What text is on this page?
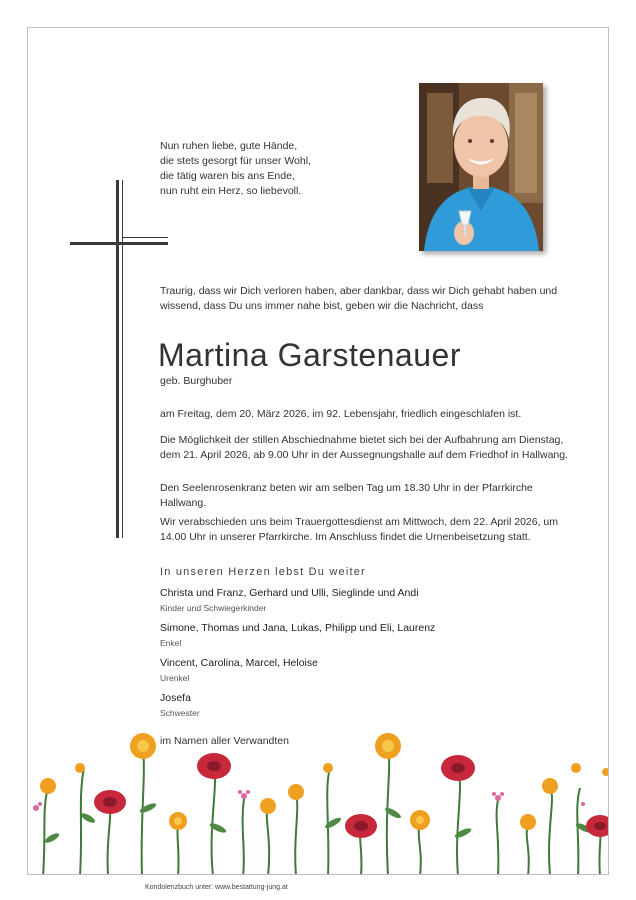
Nun ruhen liebe, gute Hände,
die stets gesorgt für unser Wohl,
die tätig waren bis ans Ende,
nun ruht ein Herz, so liebevoll.
Traurig, dass wir Dich verloren haben, aber dankbar, dass wir Dich gehabt haben und wissend, dass Du uns immer nahe bist, geben wir die Nachricht, dass
Martina Garstenauer
geb. Burghuber
am Freitag, dem 20. März 2026, im 92. Lebensjahr, friedlich eingeschlafen ist.
Die Möglichkeit der stillen Abschiednahme bietet sich bei der Aufbahrung am Dienstag, dem 21. April 2026, ab 9.00 Uhr in der Aussegnungshalle auf dem Friedhof in Hallwang.
Den Seelenrosenkranz beten wir am selben Tag um 18.30 Uhr in der Pfarrkirche Hallwang.
Wir verabschieden uns beim Trauergottesdienst am Mittwoch, dem 22. April 2026, um 14.00 Uhr in unserer Pfarrkirche. Im Anschluss findet die Urnenbeisetzung statt.
In unseren Herzen lebst Du weiter
Christa und Franz, Gerhard und Ulli, Sieglinde und Andi
Kinder und Schwiegerkinder
Simone, Thomas und Jana, Lukas, Philipp und Eli, Laurenz
Enkel
Vincent, Carolina, Marcel, Heloise
Urenkel
Josefa
Schwester
im Namen aller Verwandten
Kondolenzbuch unter: www.bestattung-jung.at
